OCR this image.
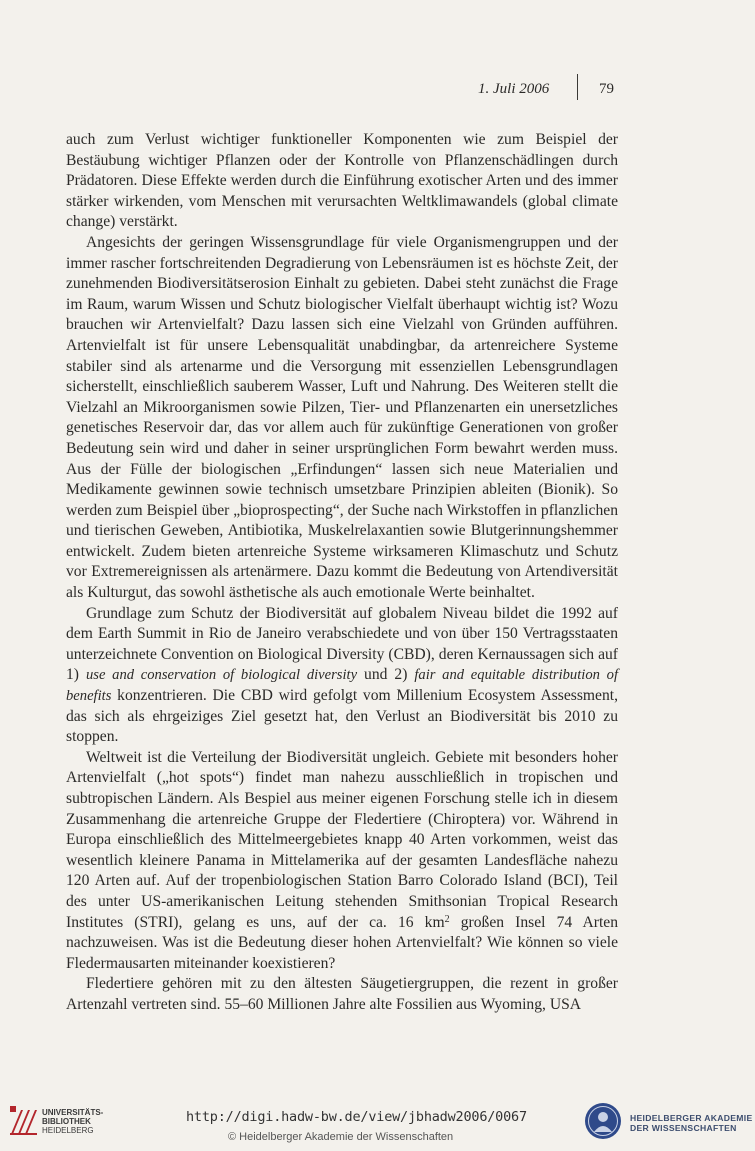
1. Juli 2006	79

auch zum Verlust wichtiger funktioneller Komponenten wie zum Beispiel der Bestäubung wichtiger Pflanzen oder der Kontrolle von Pflanzenschädlingen durch Prädatoren. Diese Effekte werden durch die Einführung exotischer Arten und des immer stärker wirkenden, vom Menschen mit verursachten Weltklimawandels (global climate change) verstärkt.

Angesichts der geringen Wissensgrundlage für viele Organismengruppen und der immer rascher fortschreitenden Degradierung von Lebensräumen ist es höchste Zeit, der zunehmenden Biodiversitätserosion Einhalt zu gebieten. Dabei steht zunächst die Frage im Raum, warum Wissen und Schutz biologischer Vielfalt überhaupt wichtig ist? Wozu brauchen wir Artenvielfalt? Dazu lassen sich eine Vielzahl von Gründen aufführen. Artenvielfalt ist für unsere Lebensqualität unabdingbar, da artenreichere Systeme stabiler sind als artenarme und die Versorgung mit essenziellen Lebensgrundlagen sicherstellt, einschließlich sauberem Wasser, Luft und Nahrung. Des Weiteren stellt die Vielzahl an Mikroorganismen sowie Pilzen, Tier- und Pflanzenarten ein unersetzliches genetisches Reservoir dar, das vor allem auch für zukünftige Generationen von großer Bedeutung sein wird und daher in seiner ursprünglichen Form bewahrt werden muss. Aus der Fülle der biologischen „Erfindungen“ lassen sich neue Materialien und Medikamente gewinnen sowie technisch umsetzbare Prinzipien ableiten (Bionik). So werden zum Beispiel über „bioprospecting“, der Suche nach Wirkstoffen in pflanzlichen und tierischen Geweben, Antibiotika, Muskelrelaxantien sowie Blutgerinnungshemmer entwickelt. Zudem bieten artenreiche Systeme wirksameren Klimaschutz und Schutz vor Extremereignissen als artenärmere. Dazu kommt die Bedeutung von Artendiversität als Kulturgut, das sowohl ästhetische als auch emotionale Werte beinhaltet.

Grundlage zum Schutz der Biodiversität auf globalem Niveau bildet die 1992 auf dem Earth Summit in Rio de Janeiro verabschiedete und von über 150 Vertragsstaaten unterzeichnete Convention on Biological Diversity (CBD), deren Kernaussagen sich auf 1) use and conservation of biological diversity und 2) fair and equitable distribution of benefits konzentrieren. Die CBD wird gefolgt vom Millenium Ecosystem Assessment, das sich als ehrgeiziges Ziel gesetzt hat, den Verlust an Biodiversität bis 2010 zu stoppen.

Weltweit ist die Verteilung der Biodiversität ungleich. Gebiete mit besonders hoher Artenvielfalt („hot spots“) findet man nahezu ausschließlich in tropischen und subtropischen Ländern. Als Bespiel aus meiner eigenen Forschung stelle ich in diesem Zusammenhang die artenreiche Gruppe der Fledertiere (Chiroptera) vor. Während in Europa einschließlich des Mittelmeergebietes knapp 40 Arten vorkommen, weist das wesentlich kleinere Panama in Mittelamerika auf der gesamten Landesfläche nahezu 120 Arten auf. Auf der tropenbiologischen Station Barro Colorado Island (BCI), Teil des unter US-amerikanischen Leitung stehenden Smithsonian Tropical Research Institutes (STRI), gelang es uns, auf der ca. 16 $km^2$ großen Insel 74 Arten nachzuweisen. Was ist die Bedeutung dieser hohen Artenvielfalt? Wie können so viele Fledermausarten miteinander koexistieren?

Fledertiere gehören mit zu den ältesten Säugetiergruppen, die rezent in großer Artenzahl vertreten sind. 55–60 Millionen Jahre alte Fossilien aus Wyoming, USA

UNIVERSITÄTS-
BIBLIOTHEK
HEIDELBERG
http://digi.hadw-bw.de/view/jbhadw2006/0067
© Heidelberger Akademie der Wissenschaften
HEIDELBERGER AKADEMIE
DER WISSENSCHAFTEN
